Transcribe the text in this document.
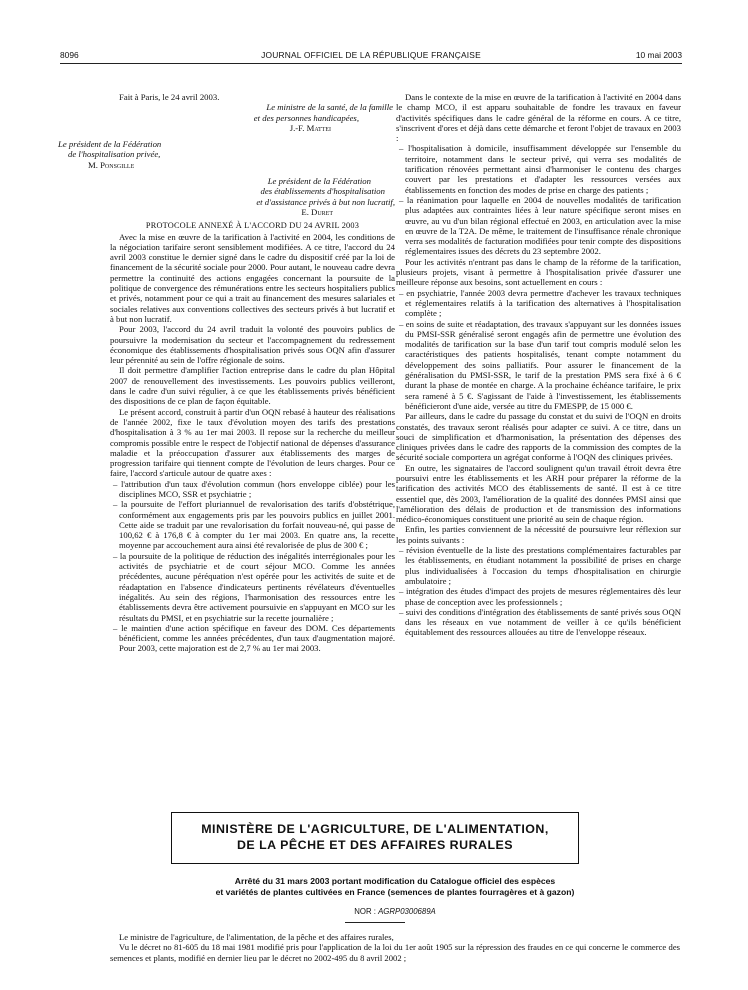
8096	JOURNAL OFFICIEL DE LA RÉPUBLIQUE FRANÇAISE	10 mai 2003

Fait à Paris, le 24 avril 2003.

Le ministre de la santé, de la famille

et des personnes handicapées,

J.-F. Mattei

Le président de la Fédération

de l'hospitalisation privée,

M. Ponsgille

Le président de la Fédération

des établissements d'hospitalisation

et d'assistance privés à but non lucratif,

E. Duret

PROTOCOLE ANNEXÉ À L'ACCORD DU 24 AVRIL 2003

Avec la mise en œuvre de la tarification à l'activité en 2004, les conditions de la négociation tarifaire seront sensiblement modifiées. A ce titre, l'accord du 24 avril 2003 constitue le dernier signé dans le cadre du dispositif créé par la loi de financement de la sécurité sociale pour 2000. Pour autant, le nouveau cadre devra permettre la continuité des actions engagées concernant la poursuite de la politique de convergence des rémunérations entre les secteurs hospitaliers publics et privés, notamment pour ce qui a trait au financement des mesures salariales et sociales relatives aux conventions collectives des secteurs privés à but lucratif et à but non lucratif.

Pour 2003, l'accord du 24 avril traduit la volonté des pouvoirs publics de poursuivre la modernisation du secteur et l'accompagnement du redressement économique des établissements d'hospitalisation privés sous OQN afin d'assurer leur pérennité au sein de l'offre régionale de soins.

Il doit permettre d'amplifier l'action entreprise dans le cadre du plan Hôpital 2007 de renouvellement des investissements. Les pouvoirs publics veilleront, dans le cadre d'un suivi régulier, à ce que les établissements privés bénéficient des dispositions de ce plan de façon équitable.

Le présent accord, construit à partir d'un OQN rebasé à hauteur des réalisations de l'année 2002, fixe le taux d'évolution moyen des tarifs des prestations d'hospitalisation à 3 % au 1er mai 2003. Il repose sur la recherche du meilleur compromis possible entre le respect de l'objectif national de dépenses d'assurance maladie et la préoccupation d'assurer aux établissements des marges de progression tarifaire qui tiennent compte de l'évolution de leurs charges. Pour ce faire, l'accord s'articule autour de quatre axes :

– l'attribution d'un taux d'évolution commun (hors enveloppe ciblée) pour les disciplines MCO, SSR et psychiatrie ;

– la poursuite de l'effort pluriannuel de revalorisation des tarifs d'obstétrique, conformément aux engagements pris par les pouvoirs publics en juillet 2001. Cette aide se traduit par une revalorisation du forfait nouveau-né, qui passe de 100,62 € à 176,8 € à compter du 1er mai 2003. En quatre ans, la recette moyenne par accouchement aura ainsi été revalorisée de plus de 300 € ;

– la poursuite de la politique de réduction des inégalités interrégionales pour les activités de psychiatrie et de court séjour MCO. Comme les années précédentes, aucune péréquation n'est opérée pour les activités de suite et de réadaptation en l'absence d'indicateurs pertinents révélateurs d'éventuelles inégalités. Au sein des régions, l'harmonisation des ressources entre les établissements devra être activement poursuivie en s'appuyant en MCO sur les résultats du PMSI, et en psychiatrie sur la recette journalière ;

– le maintien d'une action spécifique en faveur des DOM. Ces départements bénéficient, comme les années précédentes, d'un taux d'augmentation majoré. Pour 2003, cette majoration est de 2,7 % au 1er mai 2003.

Dans le contexte de la mise en œuvre de la tarification à l'activité en 2004 dans le champ MCO, il est apparu souhaitable de fondre les travaux en faveur d'activités spécifiques dans le cadre général de la réforme en cours. A ce titre, s'inscrivent d'ores et déjà dans cette démarche et feront l'objet de travaux en 2003 :

– l'hospitalisation à domicile, insuffisamment développée sur l'ensemble du territoire, notamment dans le secteur privé, qui verra ses modalités de tarification rénovées permettant ainsi d'harmoniser le contenu des charges couvert par les prestations et d'adapter les ressources versées aux établissements en fonction des modes de prise en charge des patients ;

– la réanimation pour laquelle en 2004 de nouvelles modalités de tarification plus adaptées aux contraintes liées à leur nature spécifique seront mises en œuvre, au vu d'un bilan régional effectué en 2003, en articulation avec la mise en œuvre de la T2A. De même, le traitement de l'insuffisance rénale chronique verra ses modalités de facturation modifiées pour tenir compte des dispositions réglementaires issues des décrets du 23 septembre 2002.

Pour les activités n'entrant pas dans le champ de la réforme de la tarification, plusieurs projets, visant à permettre à l'hospitalisation privée d'assurer une meilleure réponse aux besoins, sont actuellement en cours :

– en psychiatrie, l'année 2003 devra permettre d'achever les travaux techniques et réglementaires relatifs à la tarification des alternatives à l'hospitalisation complète ;

– en soins de suite et réadaptation, des travaux s'appuyant sur les données issues du PMSI-SSR généralisé seront engagés afin de permettre une évolution des modalités de tarification sur la base d'un tarif tout compris modulé selon les caractéristiques des patients hospitalisés, tenant compte notamment du développement des soins palliatifs. Pour assurer le financement de la généralisation du PMSI-SSR, le tarif de la prestation PMS sera fixé à 6 € durant la phase de montée en charge. A la prochaine échéance tarifaire, le prix sera ramené à 5 €. S'agissant de l'aide à l'investissement, les établissements bénéficieront d'une aide, versée au titre du FMESPP, de 15 000 €.

Par ailleurs, dans le cadre du passage du constat et du suivi de l'OQN en droits constatés, des travaux seront réalisés pour adapter ce suivi. A ce titre, dans un souci de simplification et d'harmonisation, la présentation des dépenses des cliniques privées dans le cadre des rapports de la commission des comptes de la sécurité sociale comportera un agrégat conforme à l'OQN des cliniques privées.

En outre, les signataires de l'accord soulignent qu'un travail étroit devra être poursuivi entre les établissements et les ARH pour préparer la réforme de la tarification des activités MCO des établissements de santé. Il est à ce titre essentiel que, dès 2003, l'amélioration de la qualité des données PMSI ainsi que l'amélioration des délais de production et de transmission des informations médico-économiques constituent une priorité au sein de chaque région.

Enfin, les parties conviennent de la nécessité de poursuivre leur réflexion sur les points suivants :

– révision éventuelle de la liste des prestations complémentaires facturables par les établissements, en étudiant notamment la possibilité de prises en charge plus individualisées à l'occasion du temps d'hospitalisation en chirurgie ambulatoire ;

– intégration des études d'impact des projets de mesures réglementaires dès leur phase de conception avec les professionnels ;

– suivi des conditions d'intégration des établissements de santé privés sous OQN dans les réseaux en vue notamment de veiller à ce qu'ils bénéficient équitablement des ressources allouées au titre de l'enveloppe réseaux.

MINISTÈRE DE L'AGRICULTURE, DE L'ALIMENTATION,
DE LA PÊCHE ET DES AFFAIRES RURALES
Arrêté du 31 mars 2003 portant modification du Catalogue officiel des espèces
et variétés de plantes cultivées en France (semences de plantes fourragères et à gazon)
NOR : AGRP0300689A

Le ministre de l'agriculture, de l'alimentation, de la pêche et des affaires rurales,

Vu le décret no 81-605 du 18 mai 1981 modifié pris pour l'application de la loi du 1er août 1905 sur la répression des fraudes en ce qui concerne le commerce des semences et plants, modifié en dernier lieu par le décret no 2002-495 du 8 avril 2002 ;
